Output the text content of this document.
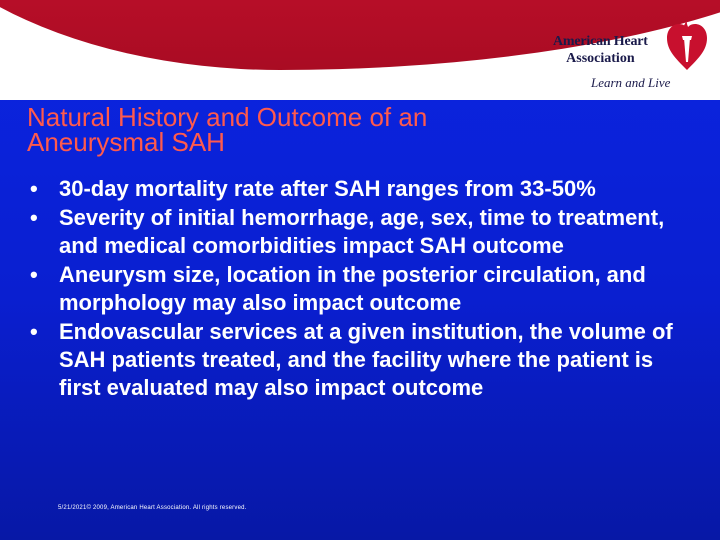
American Heart
Association
Learn and Live
Natural History and Outcome of an
Aneurysmal SAH
• 30-day mortality rate after SAH ranges from 33-50%
• Severity of initial hemorrhage, age, sex, time to treatment, and medical comorbidities impact SAH outcome
• Aneurysm size, location in the posterior circulation, and morphology may also impact outcome
• Endovascular services at a given institution, the volume of SAH patients treated, and the facility where the patient is first evaluated may also impact outcome
5/21/2021© 2009, American Heart Association. All rights reserved.
